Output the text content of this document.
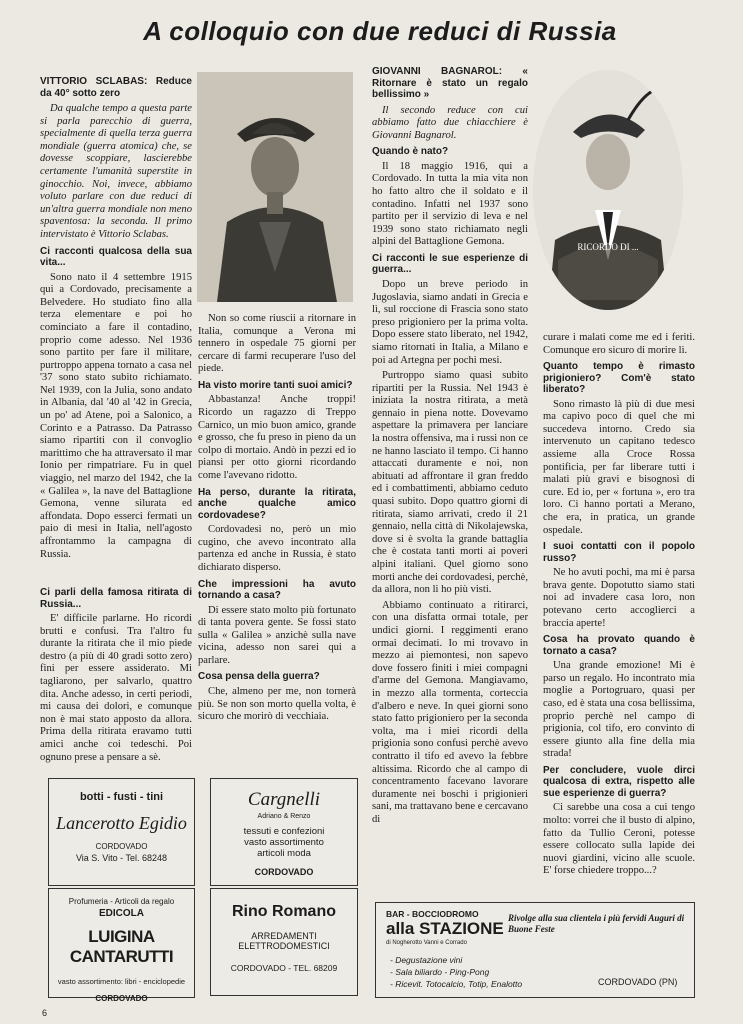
A colloquio con due reduci di Russia
VITTORIO SCLABAS: Reduce da 40° sotto zero

Da qualche tempo a questa parte si parla parecchio di guerra, specialmente di quella terza guerra mondiale (guerra atomica) che, se dovesse scoppiare, lascierebbe certamente l'umanità superstite in ginocchio. Noi, invece, abbiamo voluto parlare con due reduci di un'altra guerra mondiale non meno spaventosa: la seconda. Il primo intervistato è Vittorio Sclabas.

Ci racconti qualcosa della sua vita...

Sono nato il 4 settembre 1915 qui a Cordovado, precisamente a Belvedere. Ho studiato fino alla terza elementare e poi ho cominciato a fare il contadino, proprio come adesso. Nel 1936 sono partito per fare il militare, purtroppo appena tornato a casa nel '37 sono stato subito richiamato. Nel 1939, con la Julia, sono andato in Albania, dal '40 al '42 in Grecia, un po' ad Atene, poi a Salonico, a Corinto e a Patrasso. Da Patrasso siamo ripartiti con il convoglio marittimo che ha attraversato il mar Ionio per rimpatriare. Fu in quel viaggio, nel marzo del 1942, che la « Galilea », la nave del Battaglione Gemona, venne silurata ed affondata. Dopo esserci fermati un paio di mesi in Italia, nell'agosto affrontammo la campagna di Russia.

Ci parli della famosa ritirata di Russia...

E' difficile parlarne. Ho ricordi brutti e confusi. Tra l'altro fu durante la ritirata che il mio piede destro (a più di 40 gradi sotto zero) fini per essere assiderato. Mi tagliarono, per salvarlo, quattro dita. Anche adesso, in certi periodi, mi causa dei dolori, e comunque non è mai stato apposto da allora. Prima della ritirata eravamo tutti amici anche coi tedeschi. Poi ognuno prese a pensare a sè.

Non so come riuscii a ritornare in Italia, comunque a Verona mi tennero in ospedale 75 giorni per cercare di farmi recuperare l'uso del piede.

Ha visto morire tanti suoi amici?

Abbastanza! Anche troppi! Ricordo un ragazzo di Treppo Carnico, un mio buon amico, grande e grosso, che fu preso in pieno da un colpo di mortaio. Andò in pezzi ed io piansi per otto giorni ricordando come l'avevano ridotto.

Ha perso, durante la ritirata, anche qualche amico cordovadese?

Cordovadesi no, però un mio cugino, che avevo incontrato alla partenza ed anche in Russia, è stato dichiarato disperso.

Che impressioni ha avuto tornando a casa?

Di essere stato molto più fortunato di tanta povera gente. Se fossi stato sulla « Galilea » anzichè sulla nave vicina, adesso non sarei qui a parlare.

Cosa pensa della guerra?

Che, almeno per me, non tornerà più. Se non son morto quella volta, è sicuro che morirò di vecchiaia.

GIOVANNI BAGNAROL: « Ritornare è stato un regalo bellissimo »

Il secondo reduce con cui abbiamo fatto due chiacchiere è Giovanni Bagnarol.

Quando è nato?

Il 18 maggio 1916, qui a Cordovado. In tutta la mia vita non ho fatto altro che il soldato e il contadino. Infatti nel 1937 sono partito per il servizio di leva e nel 1939 sono stato richiamato negli alpini del Battaglione Gemona.

Ci racconti le sue esperienze di guerra...

Dopo un breve periodo in Jugoslavia, siamo andati in Grecia e lì, sul roccione di Frascia sono stato preso prigioniero per la prima volta. Dopo essere stato liberato, nel 1942, siamo ritornati in Italia, a Milano e poi ad Artegna per pochi mesi.

Purtroppo siamo quasi subito ripartiti per la Russia. Nel 1943 è iniziata la nostra ritirata, a metà gennaio in piena notte. Dovevamo aspettare la primavera per lanciare la nostra offensiva, ma i russi non ce ne hanno lasciato il tempo. Ci hanno attaccati duramente e noi, non abituati ad affrontare il gran freddo ed i combattimenti, abbiamo ceduto quasi subito. Dopo quattro giorni di ritirata, siamo arrivati, credo il 21 gennaio, nella città di Nikolajewska, dove si è svolta la grande battaglia che è costata tanti morti ai poveri alpini italiani. Quel giorno sono morti anche dei cordovadesi, perchè, da allora, non li ho più visti.

Abbiamo continuato a ritirarci, con una disfatta ormai totale, per undici giorni. I reggimenti erano ormai decimati. Io mi trovavo in mezzo ai piemontesi, non sapevo dove fossero finiti i miei compagni d'arme del Gemona. Mangiavamo, in mezzo alla tormenta, corteccia d'albero e neve. In quei giorni sono stato fatto prigioniero per la seconda volta, ma i miei ricordi della prigionia sono confusi perchè avevo contratto il tifo ed avevo la febbre altissima. Ricordo che al campo di concentramento facevano lavorare duramente nei boschi i prigionieri sani, ma trattavano bene e cercavano di

RICORDO DI ...

curare i malati come me ed i feriti. Comunque ero sicuro di morire lì.

Quanto tempo è rimasto prigioniero? Com'è stato liberato?

Sono rimasto là più di due mesi ma capivo poco di quel che mi succedeva intorno. Credo sia intervenuto un capitano tedesco assieme alla Croce Rossa pontificia, per far liberare tutti i malati più gravi e bisognosi di cure. Ed io, per « fortuna », ero tra loro. Ci hanno portati a Merano, che era, in pratica, un grande ospedale.

I suoi contatti con il popolo russo?

Ne ho avuti pochi, ma mi è parsa brava gente. Dopotutto siamo stati noi ad invadere casa loro, non potevano certo accoglierci a braccia aperte!

Cosa ha provato quando è tornato a casa?

Una grande emozione! Mi è parso un regalo. Ho incontrato mia moglie a Portogruaro, quasi per caso, ed è stata una cosa bellissima, proprio perchè nel campo di prigionia, col tifo, ero convinto di essere giunto alla fine della mia strada!

Per concludere, vuole dirci qualcosa di extra, rispetto alle sue esperienze di guerra?

Ci sarebbe una cosa a cui tengo molto: vorrei che il busto di alpino, fatto da Tullio Ceroni, potesse essere collocato sulla lapide dei nuovi giardini, vicino alle scuole. E' forse chiedere troppo...?

botti - fusti - tini
Lancerotto Egidio
CORDOVADO
Via S. Vito - Tel. 68248
Profumeria - Articoli da regalo
EDICOLA
LUIGINA CANTARUTTI
vasto assortimento: libri - enciclopedie
CORDOVADO
Cargnelli
Adriano & Renzo
tessuti e confezioni
vasto assortimento
articoli moda
CORDOVADO
Rino Romano
ARREDAMENTI
ELETTRODOMESTICI
CORDOVADO - TEL. 68209
BAR - BOCCIODROMO
alla STAZIONE
di Nogherotto Vanni e Corrado
Rivolge alla sua clientela i più fervidi Auguri di Buone Feste
- Degustazione vini
- Sala biliardo - Ping-Pong
- Ricevit. Totocalcio, Totip, Enalotto	CORDOVADO (PN)
6
